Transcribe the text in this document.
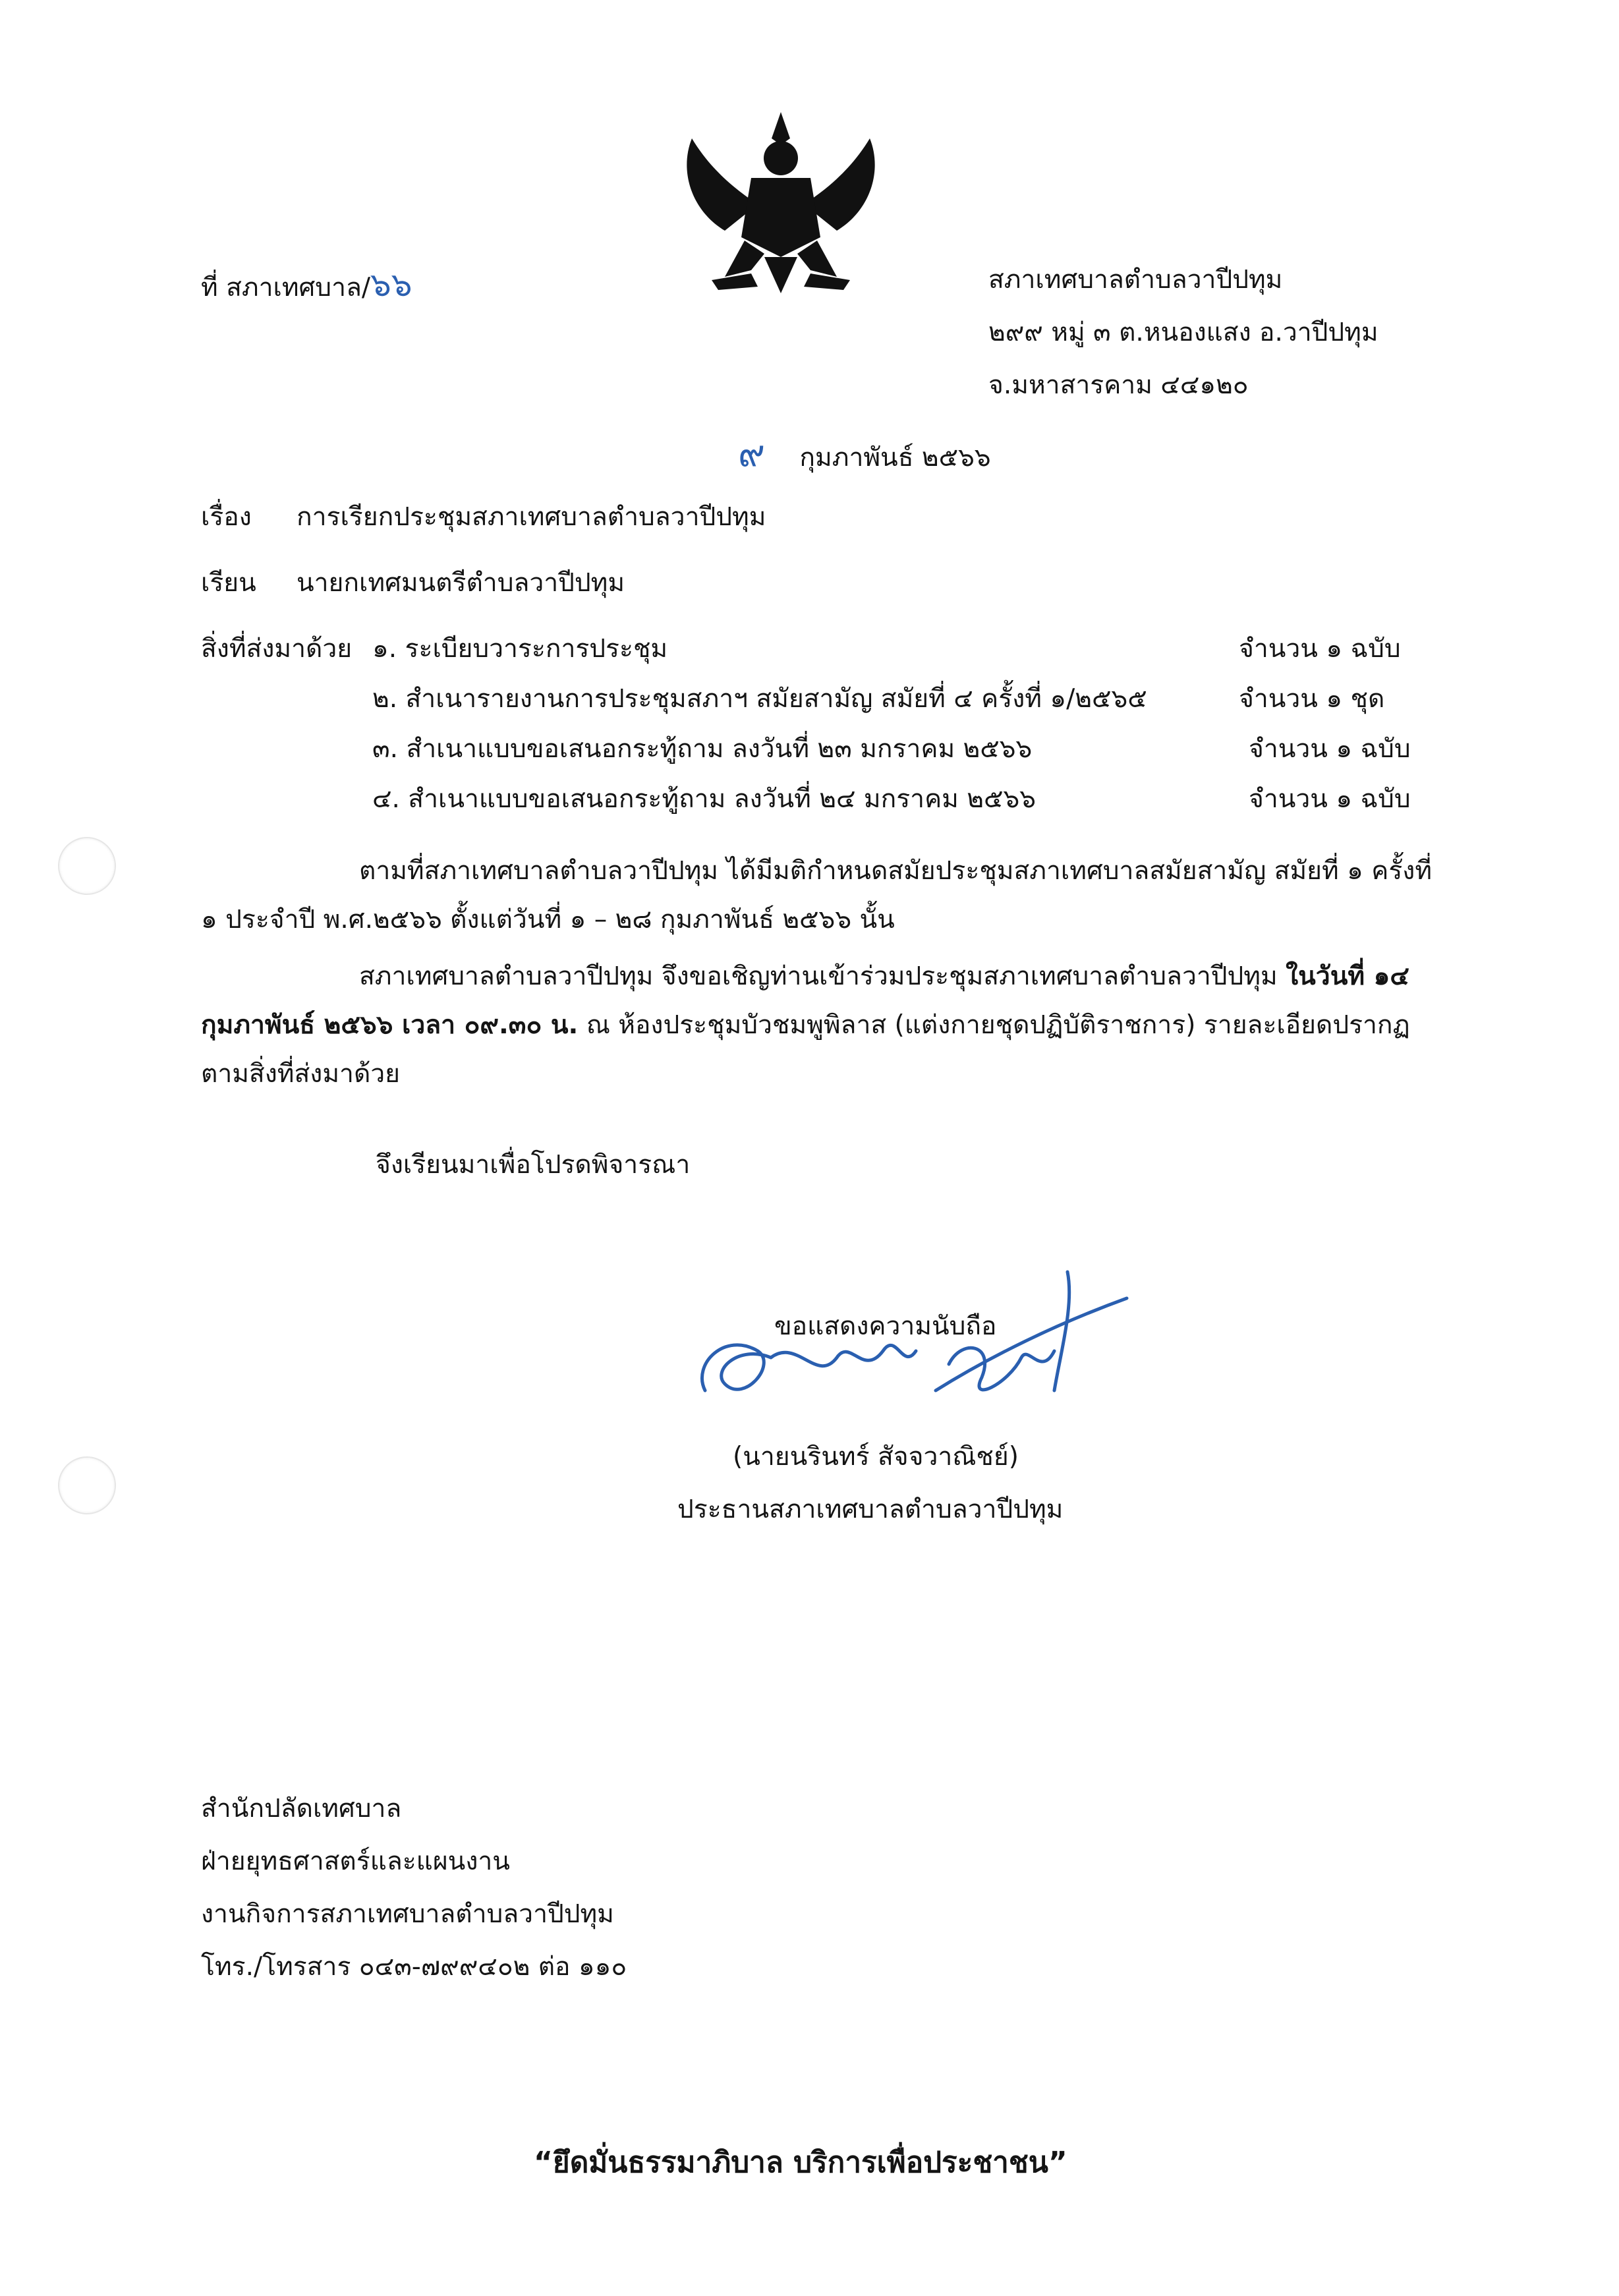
ที่ สภาเทศบาล/๖๖	สภาเทศบาลตำบลวาปีปทุม
๒๙๙ หมู่ ๓ ต.หนองแสง อ.วาปีปทุม
จ.มหาสารคาม ๔๔๑๒๐
๙ กุมภาพันธ์ ๒๕๖๖
เรื่อง การเรียกประชุมสภาเทศบาลตำบลวาปีปทุม
เรียน นายกเทศมนตรีตำบลวาปีปทุม
สิ่งที่ส่งมาด้วย ๑. ระเบียบวาระการประชุม	จำนวน ๑ ฉบับ
๒. สำเนารายงานการประชุมสภาฯ สมัยสามัญ สมัยที่ ๔ ครั้งที่ ๑/๒๕๖๕	จำนวน ๑ ชุด
๓. สำเนาแบบขอเสนอกระทู้ถาม ลงวันที่ ๒๓ มกราคม ๒๕๖๖	จำนวน ๑ ฉบับ
๔. สำเนาแบบขอเสนอกระทู้ถาม ลงวันที่ ๒๔ มกราคม ๒๕๖๖	จำนวน ๑ ฉบับ
ตามที่สภาเทศบาลตำบลวาปีปทุม ได้มีมติกำหนดสมัยประชุมสภาเทศบาลสมัยสามัญ สมัยที่ ๑ ครั้งที่ ๑ ประจำปี พ.ศ.๒๕๖๖ ตั้งแต่วันที่ ๑ – ๒๘ กุมภาพันธ์ ๒๕๖๖ นั้น
สภาเทศบาลตำบลวาปีปทุม จึงขอเชิญท่านเข้าร่วมประชุมสภาเทศบาลตำบลวาปีปทุม ในวันที่ ๑๔ กุมภาพันธ์ ๒๕๖๖ เวลา ๐๙.๓๐ น. ณ ห้องประชุมบัวชมพูพิลาส (แต่งกายชุดปฏิบัติราชการ) รายละเอียดปรากฏตามสิ่งที่ส่งมาด้วย
จึงเรียนมาเพื่อโปรดพิจารณา
ขอแสดงความนับถือ
(นายนรินทร์ สัจจวาณิชย์)
ประธานสภาเทศบาลตำบลวาปีปทุม
สำนักปลัดเทศบาล
ฝ่ายยุทธศาสตร์และแผนงาน
งานกิจการสภาเทศบาลตำบลวาปีปทุม
โทร./โทรสาร ๐๔๓-๗๙๙๔๐๒ ต่อ ๑๑๐
“ยึดมั่นธรรมาภิบาล บริการเพื่อประชาชน”
